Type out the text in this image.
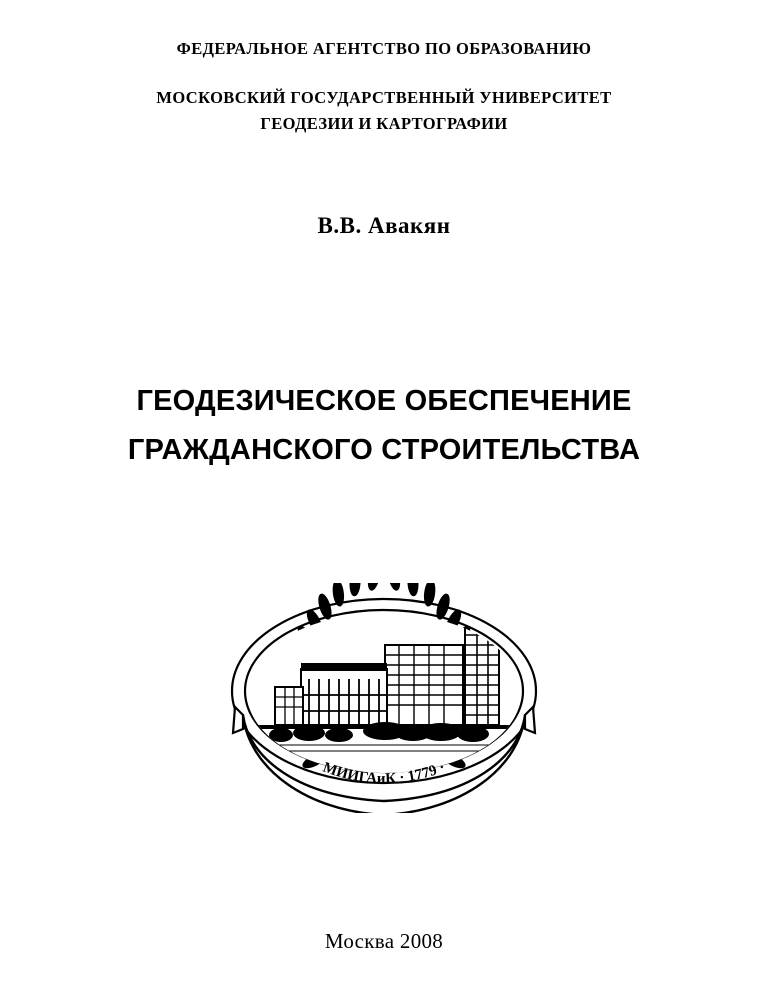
ФЕДЕРАЛЬНОЕ АГЕНТСТВО ПО ОБРАЗОВАНИЮ
МОСКОВСКИЙ ГОСУДАРСТВЕННЫЙ УНИВЕРСИТЕТ
ГЕОДЕЗИИ И КАРТОГРАФИИ
В.В. Авакян
ГЕОДЕЗИЧЕСКОЕ ОБЕСПЕЧЕНИЕ
ГРАЖДАНСКОГО СТРОИТЕЛЬСТВА
МИИГАиК · 1779 ·
Москва 2008
